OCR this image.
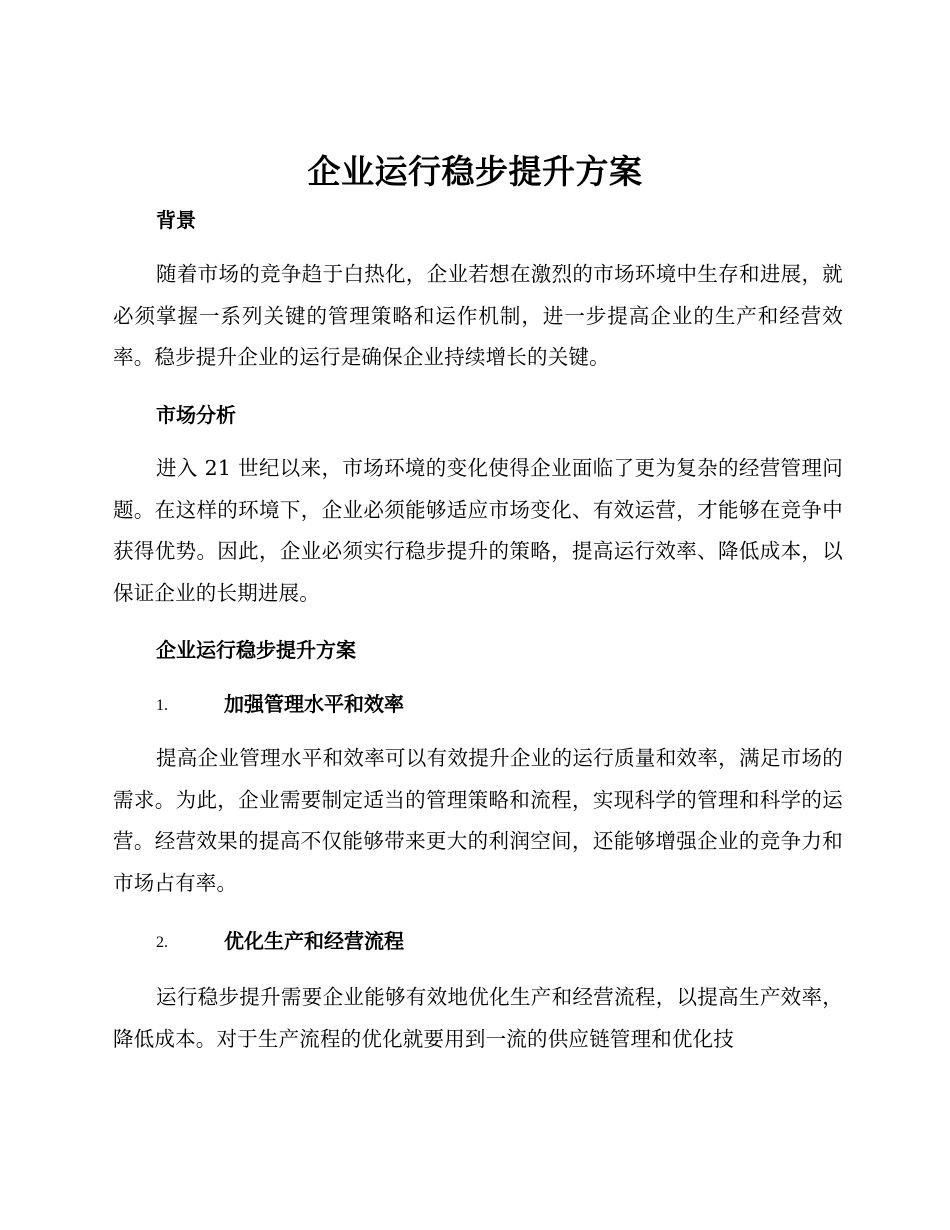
企业运行稳步提升方案
背景
随着市场的竞争趋于白热化，企业若想在激烈的市场环境中生存和进展，就必须掌握一系列关键的管理策略和运作机制，进一步提高企业的生产和经营效率。稳步提升企业的运行是确保企业持续增长的关键。
市场分析
进入 21 世纪以来，市场环境的变化使得企业面临了更为复杂的经营管理问题。在这样的环境下，企业必须能够适应市场变化、有效运营，才能够在竞争中获得优势。因此，企业必须实行稳步提升的策略，提高运行效率、降低成本，以保证企业的长期进展。
企业运行稳步提升方案
1.	加强管理水平和效率
提高企业管理水平和效率可以有效提升企业的运行质量和效率，满足市场的需求。为此，企业需要制定适当的管理策略和流程，实现科学的管理和科学的运营。经营效果的提高不仅能够带来更大的利润空间，还能够增强企业的竞争力和市场占有率。
2.	优化生产和经营流程
运行稳步提升需要企业能够有效地优化生产和经营流程，以提高生产效率，降低成本。对于生产流程的优化就要用到一流的供应链管理和优化技
